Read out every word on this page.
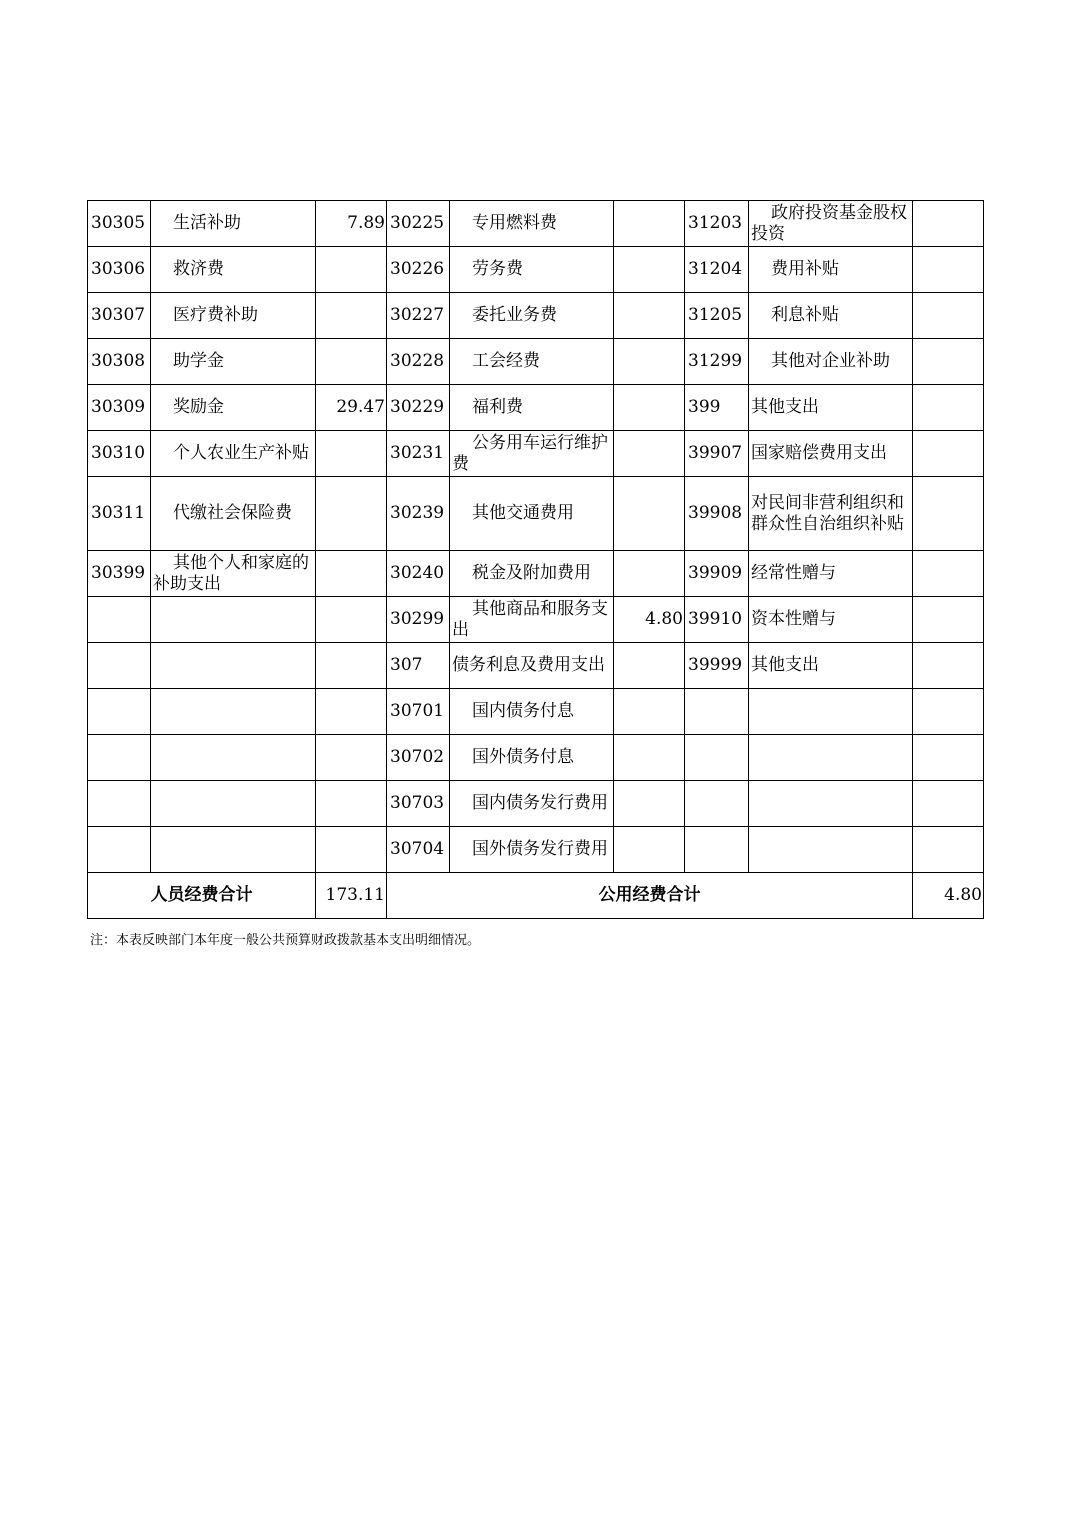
30305	生活补助	7.89	30225	专用燃料费		31203	政府投资基金股权投资	
30306	救济费		30226	劳务费		31204	费用补贴	
30307	医疗费补助		30227	委托业务费		31205	利息补贴	
30308	助学金		30228	工会经费		31299	其他对企业补助	
30309	奖励金	29.47	30229	福利费		399	其他支出	
30310	个人农业生产补贴		30231	公务用车运行维护费		39907	国家赔偿费用支出	
30311	代缴社会保险费		30239	其他交通费用		39908	对民间非营利组织和群众性自治组织补贴	
30399	其他个人和家庭的补助支出		30240	税金及附加费用		39909	经常性赠与	
			30299	其他商品和服务支出	4.80	39910	资本性赠与	
			307	债务利息及费用支出		39999	其他支出	
			30701	国内债务付息				
			30702	国外债务付息				
			30703	国内债务发行费用				
			30704	国外债务发行费用				
人员经费合计		173.11	公用经费合计					4.80
注：本表反映部门本年度一般公共预算财政拨款基本支出明细情况。
